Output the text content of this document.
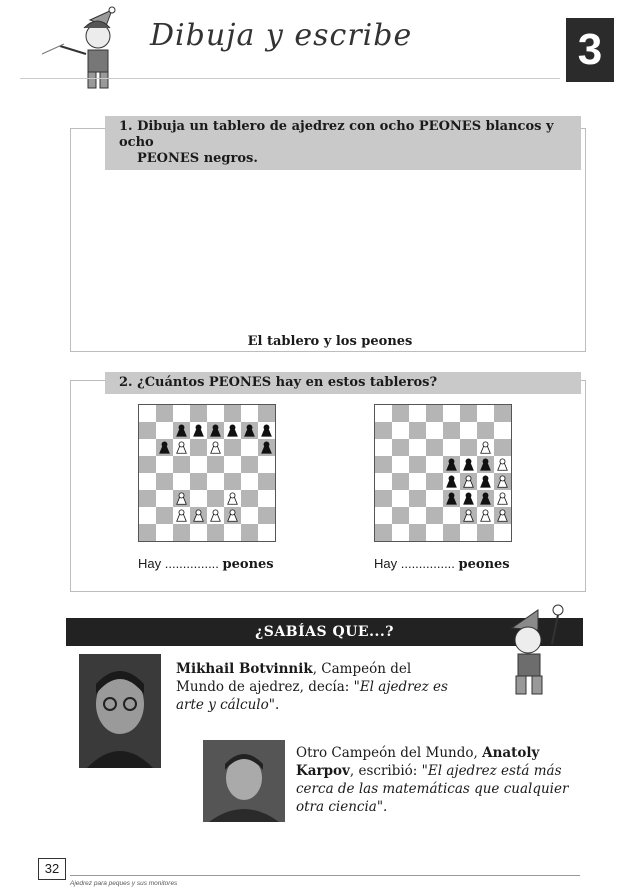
Dibuja y escribe	3
1. Dibuja un tablero de ajedrez con ocho PEONES blancos y ocho
PEONES negros.
El tablero y los peones
2. ¿Cuántos PEONES hay en estos tableros?
Hay ............... peones	Hay ............... peones
¿SABÍAS QUE...?
Mikhail Botvinnik, Campeón del Mundo de ajedrez, decía: "El ajedrez es arte y cálculo".
Otro Campeón del Mundo, Anatoly Karpov, escribió: "El ajedrez está más cerca de las matemáticas que cualquier otra ciencia".
32
Ajedrez para peques y sus monitores
